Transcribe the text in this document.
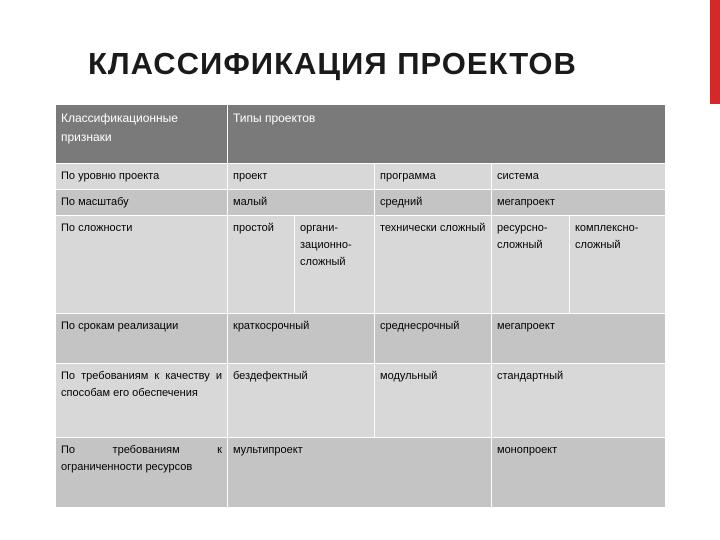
КЛАССИФИКАЦИЯ ПРОЕКТОВ
Классификационные признаки	Типы проектов				
По уровню проекта	проект		программа	система	
По масштабу	малый		средний	мегапроект	
По сложности	простой	органи-зационно-сложный	технически сложный	ресурсно-сложный	комплексно-сложный
По срокам реализации	краткосрочный		среднесрочный	мегапроект	
По требованиям к качеству и способам его обеспечения	бездефектный		модульный	стандартный	
По требованиям к ограниченности ресурсов	мультипроект			монопроект	
